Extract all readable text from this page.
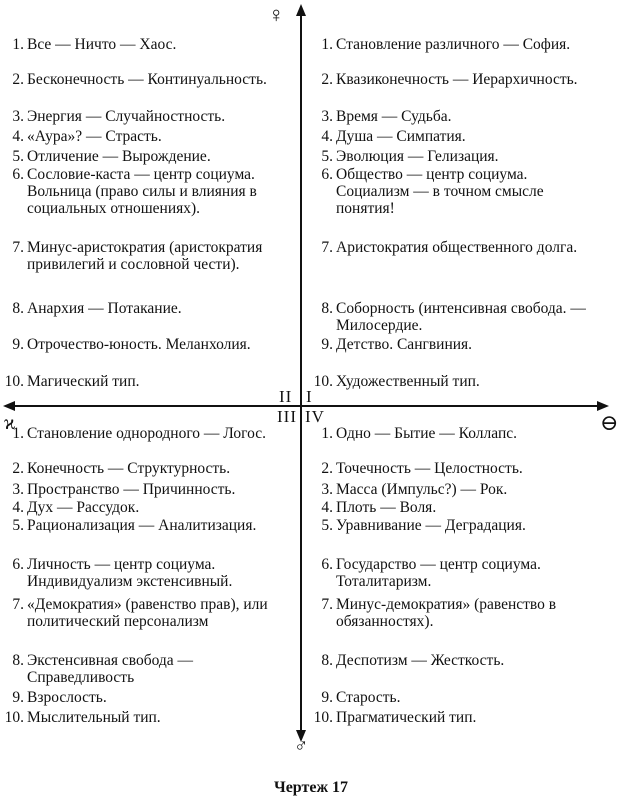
♀
♂
ϰ	⊖
II I
III IV
1. Все — Ничто — Хаос.
2. Бесконечность — Континуальность.
3. Энергия — Случайностность.
4. «Аура»? — Страсть.
5. Отличение — Вырождение.
6. Сословие-каста — центр социума. Вольница (право силы и влияния в социальных отношениях).
7. Минус-аристократия (аристократия привилегий и сословной чести).
8. Анархия — Потакание.
9. Отрочество-юность. Меланхолия.
10. Магический тип.
1. Становление различного — София.
2. Квазиконечность — Иерархичность.
3. Время — Судьба.
4. Душа — Симпатия.
5. Эволюция — Гелизация.
6. Общество — центр социума. Социализм — в точном смысле понятия!
7. Аристократия общественного долга.
8. Соборность (интенсивная свобода. — Милосердие.
9. Детство. Сангвиния.
10. Художественный тип.
1. Становление однородного — Логос.
2. Конечность — Структурность.
3. Пространство — Причинность.
4. Дух — Рассудок.
5. Рационализация — Аналитизация.
6. Личность — центр социума. Индивидуализм экстенсивный.
7. «Демократия» (равенство прав), или политический персонализм
8. Экстенсивная свобода — Справедливость
9. Взрослость.
10. Мыслительный тип.
1. Одно — Бытие — Коллапс.
2. Точечность — Целостность.
3. Масса (Импульс?) — Рок.
4. Плоть — Воля.
5. Уравнивание — Деградация.
6. Государство — центр социума. Тоталитаризм.
7. Минус-демократия» (равенство в обязанностях).
8. Деспотизм — Жесткость.
9. Старость.
10. Прагматический тип.
Чертеж 17
